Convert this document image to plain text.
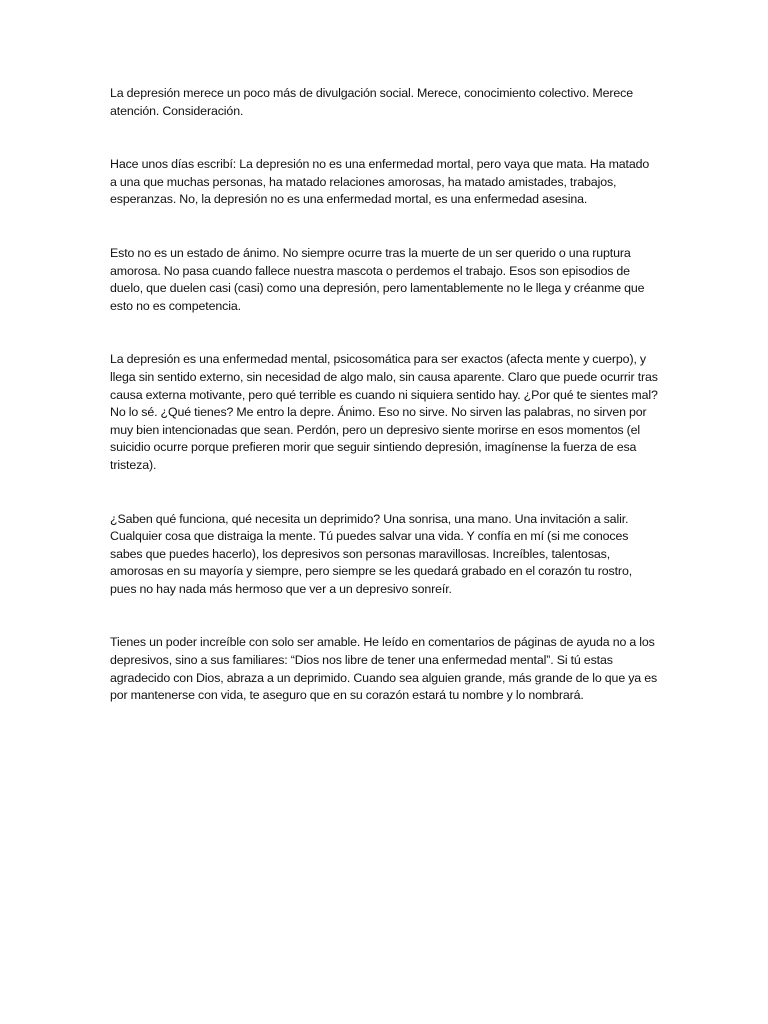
La depresión merece un poco más de divulgación social. Merece, conocimiento colectivo. Merece atención. Consideración.

Hace unos días escribí: La depresión no es una enfermedad mortal, pero vaya que mata. Ha matado a una que muchas personas, ha matado relaciones amorosas, ha matado amistades, trabajos, esperanzas. No, la depresión no es una enfermedad mortal, es una enfermedad asesina.

Esto no es un estado de ánimo. No siempre ocurre tras la muerte de un ser querido o una ruptura amorosa. No pasa cuando fallece nuestra mascota o perdemos el trabajo. Esos son episodios de duelo, que duelen casi (casi) como una depresión, pero lamentablemente no le llega y créanme que esto no es competencia.

La depresión es una enfermedad mental, psicosomática para ser exactos (afecta mente y cuerpo), y llega sin sentido externo, sin necesidad de algo malo, sin causa aparente. Claro que puede ocurrir tras causa externa motivante, pero qué terrible es cuando ni siquiera sentido hay. ¿Por qué te sientes mal? No lo sé. ¿Qué tienes? Me entro la depre. Ánimo. Eso no sirve. No sirven las palabras, no sirven por muy bien intencionadas que sean. Perdón, pero un depresivo siente morirse en esos momentos (el suicidio ocurre porque prefieren morir que seguir sintiendo depresión, imagínense la fuerza de esa tristeza).

¿Saben qué funciona, qué necesita un deprimido? Una sonrisa, una mano. Una invitación a salir. Cualquier cosa que distraiga la mente. Tú puedes salvar una vida. Y confía en mí (si me conoces sabes que puedes hacerlo), los depresivos son personas maravillosas. Increíbles, talentosas, amorosas en su mayoría y siempre, pero siempre se les quedará grabado en el corazón tu rostro, pues no hay nada más hermoso que ver a un depresivo sonreír.

Tienes un poder increíble con solo ser amable. He leído en comentarios de páginas de ayuda no a los depresivos, sino a sus familiares: “Dios nos libre de tener una enfermedad mental”. Si tú estas agradecido con Dios, abraza a un deprimido. Cuando sea alguien grande, más grande de lo que ya es por mantenerse con vida, te aseguro que en su corazón estará tu nombre y lo nombrará.
